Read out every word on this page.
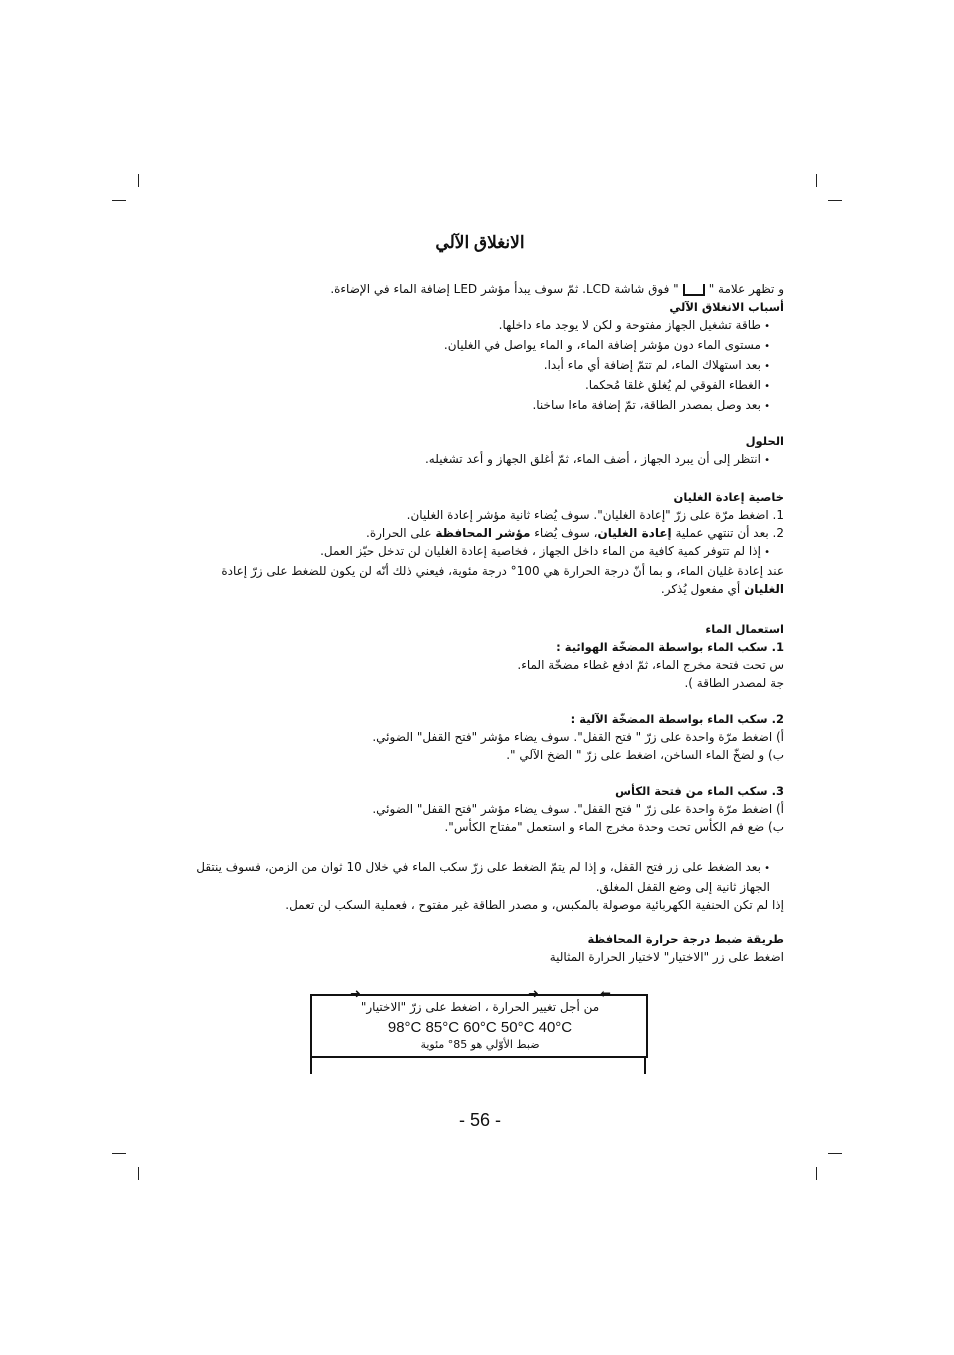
الانغلاق الآلي
و تظهر علامة "" فوق شاشة LCD. ثمّ سوف يبدأ مؤشر LED إضافة الماء في الإضاءة.
أسباب الانغلاق الآلي
• طاقة تشغيل الجهاز مفتوحة و لكن لا يوجد ماء داخلها.
• مستوى الماء دون مؤشر إضافة الماء، و الماء يواصل في الغليان.
• بعد استهلاك الماء، لم تتمّ إضافة أي ماء أبدا.
• الغطاء الفوقي لم يُغلق غلقا مُحكما.
• بعد وصل بمصدر الطاقة، تمّ إضافة ماءا ساخنا.
الحلول
• انتظر إلى أن يبرد الجهاز ، أضف الماء، ثمّ أغلق الجهاز و أعد تشغيله.
خاصية إعادة الغليان
1. اضغط مرّة على زرّ "إعادة الغليان". سوف يُضاء ثانية مؤشر إعادة الغليان.
2. بعد أن تنتهي عملية إعادة الغليان، سوف يُضاء مؤشر المحافظة على الحرارة.
• إذا لم تتوفر كمية كافية من الماء داخل الجهاز ، فخاصية إعادة الغليان لن تدخل حيّز العمل.
عند إعادة غليان الماء، و بما أنّ درجة الحرارة هي 100° درجة مئوية، فيعني ذلك أنّه لن يكون للضغط على زرّ إعادة
الغليان أي مفعول يُذكر.
استعمال الماء
1. سكب الماء بواسطة المضخّة الهوائية :
س تحت فتحة مخرج الماء، ثمّ ادفع غطاء مضخّة الماء.
جة لمصدر الطاقة ).
2. سكب الماء بواسطة المضخّة الآلية :
أ) اضغط مرّة واحدة على زرّ " فتح القفل". سوف يضاء مؤشر "فتح القفل" الضوئي.
ب) و لضخّ الماء الساخن، اضغط على زرّ " الضخ الآلي ".
3. سكب الماء من فتحة الكأس
أ) اضغط مرّة واحدة على زرّ " فتح القفل". سوف يضاء مؤشر "فتح القفل" الضوئي.
ب) ضع فم الكأس تحت وحدة مخرج الماء و استعمل "مفتاح الكأس".
• بعد الضغط على زر فتح القفل، و إذا لم يتمّ الضغط على زرّ سكب الماء في خلال 10 ثوان من الزمن، فسوف ينتقل
الجهاز ثانية إلى وضع القفل المغلق.
إذا لم تكن الحنفية الكهربائية موصولة بالمكبس، و مصدر الطاقة غير مفتوح ، فعملية السكب لن تعمل.
طريقة ضبط درجة حرارة المحافظة
اضغط على زر "الاختيار" لاختيار الحرارة المثالية
➜	➜	⬅
من أجل تغيير الحرارة ، اضغط على زرّ "الاختيار"
98°C 85°C 60°C 50°C 40°C
ضبط الأوّلي هو 85° مئوية
- 56 -
